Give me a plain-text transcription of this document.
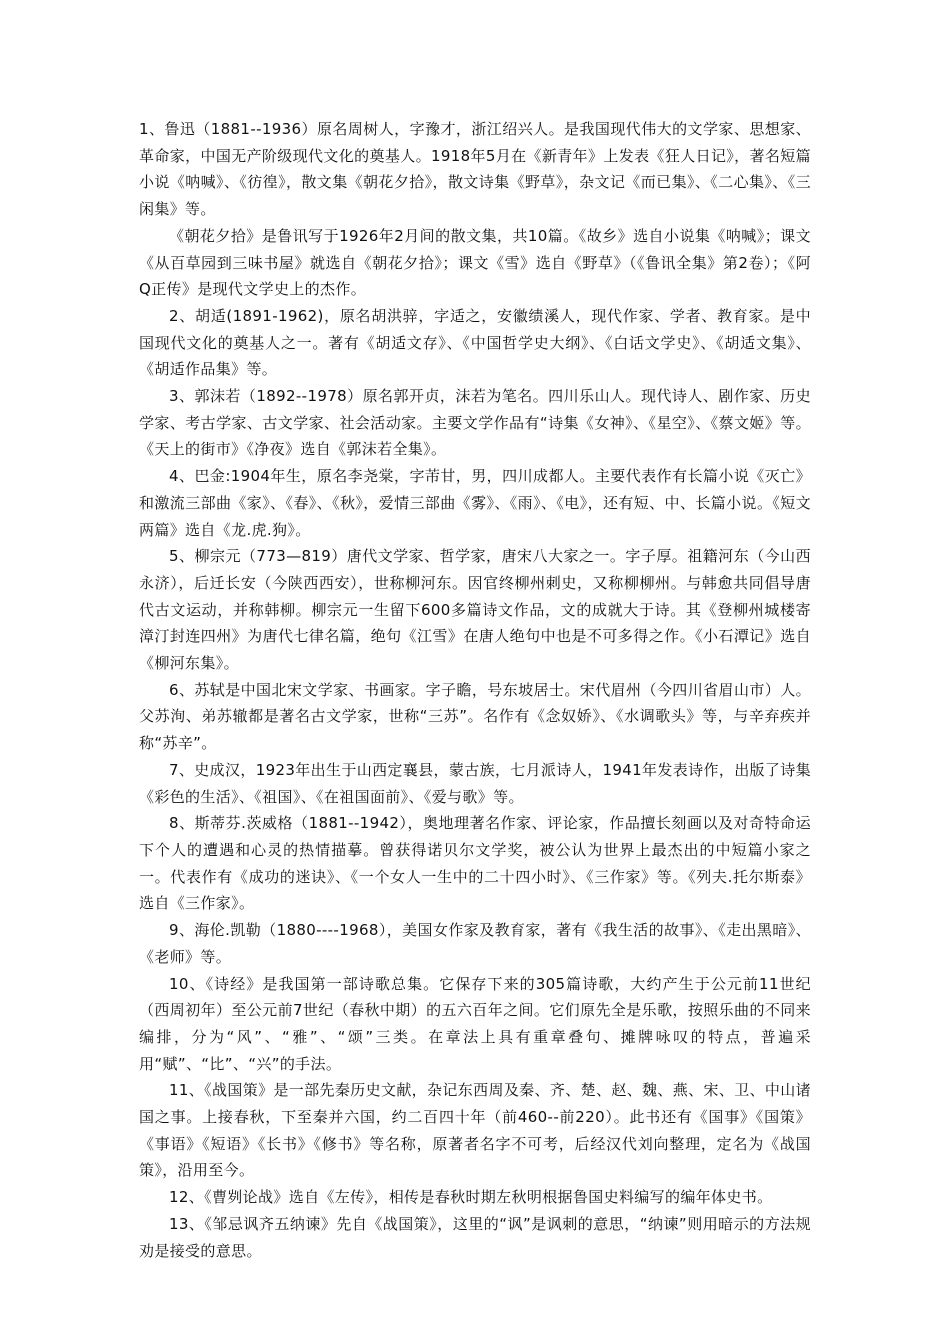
1、鲁迅（1881--1936）原名周树人，字豫才，浙江绍兴人。是我国现代伟大的文学家、思想家、革命家，中国无产阶级现代文化的奠基人。1918年5月在《新青年》上发表《狂人日记》，著名短篇小说《呐喊》、《彷徨》，散文集《朝花夕拾》，散文诗集《野草》，杂文记《而已集》、《二心集》、《三闲集》等。

《朝花夕拾》是鲁讯写于1926年2月间的散文集，共10篇。《故乡》选自小说集《呐喊》；课文《从百草园到三味书屋》就选自《朝花夕拾》；课文《雪》选自《野草》（《鲁讯全集》第2卷）；《阿Q正传》是现代文学史上的杰作。

2、胡适(1891-1962)，原名胡洪骍，字适之，安徽绩溪人，现代作家、学者、教育家。是中国现代文化的奠基人之一。著有《胡适文存》、《中国哲学史大纲》、《白话文学史》、《胡适文集》、《胡适作品集》等。

3、郭沫若（1892--1978）原名郭开贞，沫若为笔名。四川乐山人。现代诗人、剧作家、历史学家、考古学家、古文学家、社会活动家。主要文学作品有“诗集《女神》、《星空》、《蔡文姬》等。《天上的街市》《净夜》选自《郭沫若全集》。

4、巴金:1904年生，原名李尧棠，字芾甘，男，四川成都人。主要代表作有长篇小说《灭亡》和激流三部曲《家》、《春》、《秋》，爱情三部曲《雾》、《雨》、《电》，还有短、中、长篇小说。《短文两篇》选自《龙.虎.狗》。

5、柳宗元（773—819）唐代文学家、哲学家，唐宋八大家之一。字子厚。祖籍河东（今山西永济），后迁长安（今陕西西安），世称柳河东。因官终柳州刺史，又称柳柳州。与韩愈共同倡导唐代古文运动，并称韩柳。柳宗元一生留下600多篇诗文作品，文的成就大于诗。其《登柳州城楼寄漳汀封连四州》为唐代七律名篇，绝句《江雪》在唐人绝句中也是不可多得之作。《小石潭记》选自《柳河东集》。

6、苏轼是中国北宋文学家、书画家。字子瞻，号东坡居士。宋代眉州（今四川省眉山市）人。父苏洵、弟苏辙都是著名古文学家，世称“三苏”。名作有《念奴娇》、《水调歌头》等，与辛弃疾并称“苏辛”。

7、史成汉，1923年出生于山西定襄县，蒙古族，七月派诗人，1941年发表诗作，出版了诗集《彩色的生活》、《祖国》、《在祖国面前》、《爱与歌》等。

8、斯蒂芬.茨威格（1881--1942），奥地理著名作家、评论家，作品擅长刻画以及对奇特命运下个人的遭遇和心灵的热情描摹。曾获得诺贝尔文学奖，被公认为世界上最杰出的中短篇小家之一。代表作有《成功的迷诀》、《一个女人一生中的二十四小时》、《三作家》等。《列夫.托尔斯泰》选自《三作家》。

9、海伦.凯勒（1880----1968），美国女作家及教育家，著有《我生活的故事》、《走出黑暗》、《老师》等。

10、《诗经》是我国第一部诗歌总集。它保存下来的305篇诗歌，大约产生于公元前11世纪（西周初年）至公元前7世纪（春秋中期）的五六百年之间。它们原先全是乐歌，按照乐曲的不同来编排，分为“风”、“雅”、“颂”三类。在章法上具有重章叠句、摊牌咏叹的特点，普遍采用“赋”、“比”、“兴”的手法。

11、《战国策》是一部先秦历史文献，杂记东西周及秦、齐、楚、赵、魏、燕、宋、卫、中山诸国之事。上接春秋，下至秦并六国，约二百四十年（前460--前220）。此书还有《国事》《国策》《事语》《短语》《长书》《修书》等名称，原著者名字不可考，后经汉代刘向整理，定名为《战国策》，沿用至今。

12、《曹刿论战》选自《左传》，相传是春秋时期左秋明根据鲁国史料编写的编年体史书。

13、《邹忌讽齐五纳谏》先自《战国策》，这里的“讽”是讽刺的意思，“纳谏”则用暗示的方法规劝是接受的意思。
